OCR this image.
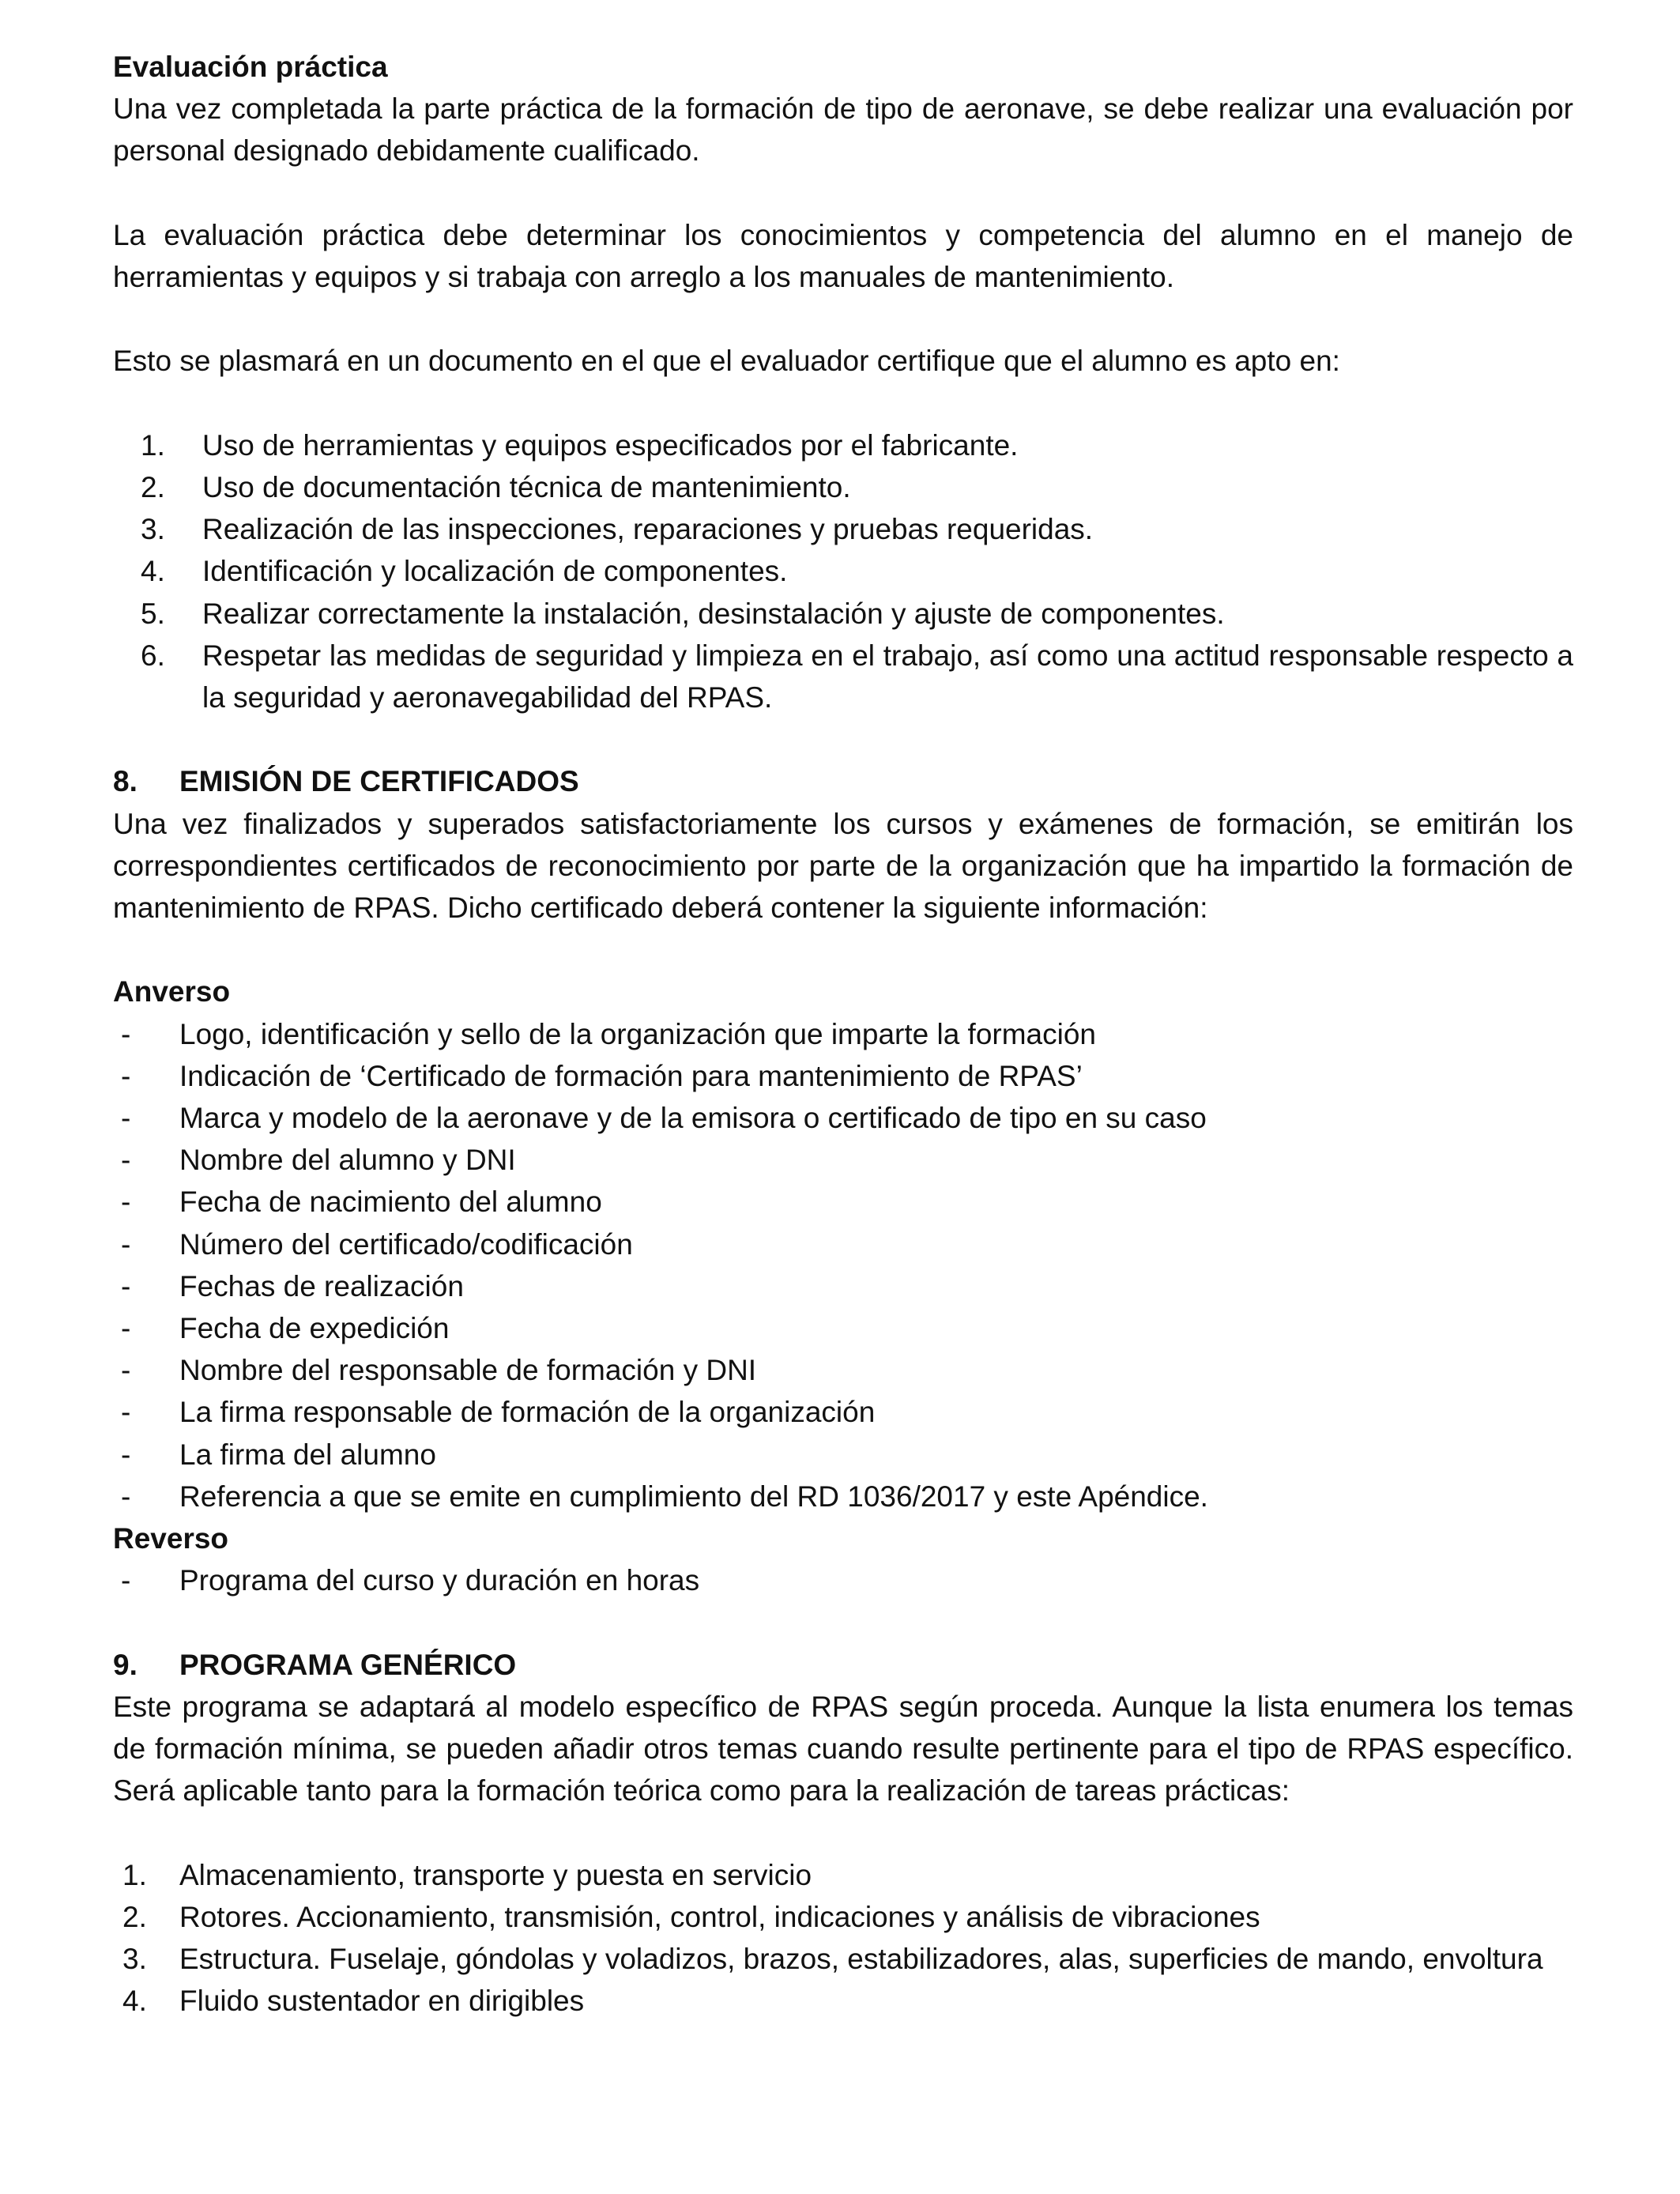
Evaluación práctica

Una vez completada la parte práctica de la formación de tipo de aeronave, se debe realizar una evaluación por personal designado debidamente cualificado.

La evaluación práctica debe determinar los conocimientos y competencia del alumno en el manejo de herramientas y equipos y si trabaja con arreglo a los manuales de mantenimiento.

Esto se plasmará en un documento en el que el evaluador certifique que el alumno es apto en:

1.	Uso de herramientas y equipos especificados por el fabricante.
2.	Uso de documentación técnica de mantenimiento.
3.	Realización de las inspecciones, reparaciones y pruebas requeridas.
4.	Identificación y localización de componentes.
5.	Realizar correctamente la instalación, desinstalación y ajuste de componentes.
6.	Respetar las medidas de seguridad y limpieza en el trabajo, así como una actitud responsable respecto a la seguridad y aeronavegabilidad del RPAS.
8.	EMISIÓN DE CERTIFICADOS

Una vez finalizados y superados satisfactoriamente los cursos y exámenes de formación, se emitirán los correspondientes certificados de reconocimiento por parte de la organización que ha impartido la formación de mantenimiento de RPAS. Dicho certificado deberá contener la siguiente información:

Anverso

-	Logo, identificación y sello de la organización que imparte la formación
-	Indicación de ‘Certificado de formación para mantenimiento de RPAS’
-	Marca y modelo de la aeronave y de la emisora o certificado de tipo en su caso
-	Nombre del alumno y DNI
-	Fecha de nacimiento del alumno
-	Número del certificado/codificación
-	Fechas de realización
-	Fecha de expedición
-	Nombre del responsable de formación y DNI
-	La firma responsable de formación de la organización
-	La firma del alumno
-	Referencia a que se emite en cumplimiento del RD 1036/2017 y este Apéndice.

Reverso

-	Programa del curso y duración en horas
9.	PROGRAMA GENÉRICO

Este programa se adaptará al modelo específico de RPAS según proceda. Aunque la lista enumera los temas de formación mínima, se pueden añadir otros temas cuando resulte pertinente para el tipo de RPAS específico. Será aplicable tanto para la formación teórica como para la realización de tareas prácticas:

1.	Almacenamiento, transporte y puesta en servicio
2.	Rotores. Accionamiento, transmisión, control, indicaciones y análisis de vibraciones
3.	Estructura. Fuselaje, góndolas y voladizos, brazos, estabilizadores, alas, superficies de mando, envoltura
4.	Fluido sustentador en dirigibles
